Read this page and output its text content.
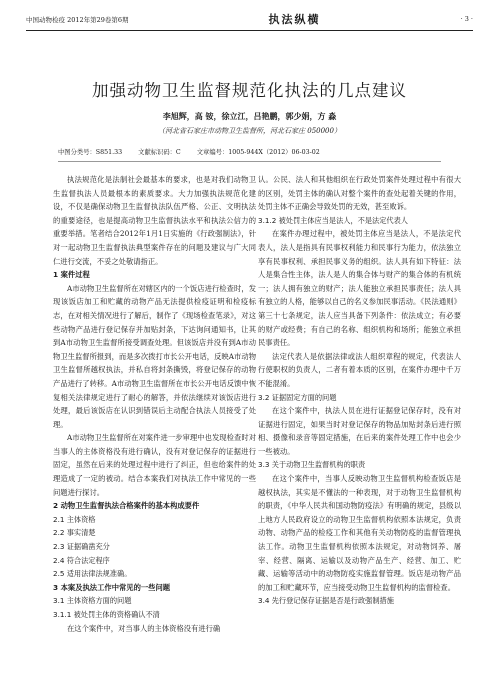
中国动物检疫 2012年第29卷第6期	执法纵横	· 3 ·
加强动物卫生监督规范化执法的几点建议
李旭辉，高 铵，徐立江，吕艳鹏，郭少娟，方 淼
（河北省石家庄市动物卫生监督所，河北石家庄 050000）
中图分类号：S851.33	文献标识码：C	文章编号：1005-944X（2012）06-03-02

执法规范化是法制社会最基本的要求，也是对我们动物卫生监督执法人员最根本的素质要求。大力加强执法规范化建设，不仅是确保动物卫生监督执法队伍严格、公正、文明执法的重要途径，也是提高动物卫生监督执法水平和执法公信力的重要举措。笔者结合2012年1月1日实施的《行政强制法》，针对一起动物卫生监督执法典型案件存在的问题及建议与广大同仁进行交流，不妥之处敬请指正。

1 案件过程

A市动物卫生监督所在对辖区内的一个饭店进行检查时，发现该饭店加工和贮藏的动物产品无法提供检疫证明和检疫标志，在对相关情况进行了解后，制作了《现场检查笔录》，对这些动物产品进行登记保存并加贴封条，下达询问通知书，让其到A市动物卫生监督所接受调查处理。但该饭店并没有到A市动物卫生监督所报到，而是多次拨打市长公开电话，反映A市动物卫生监督所越权执法，并私自将封条撕毁，将登记保存的动物产品进行了转移。A市动物卫生监督所在市长公开电话反馈中恢复相关法律规定进行了耐心的解答，并依法继续对该饭店进行处理，最后该饭店在认识到错误后主动配合执法人员接受了处理。

A市动物卫生监督所在对案件进一步审理中也发现检查时对当事人的主体资格没有进行确认，没有对登记保存的证据进行固定，虽然在后来的处理过程中进行了纠正，但也给案件的处理造成了一定的被动。结合本案我们对执法工作中常见的一些问题进行探讨。

2 动物卫生监督执法合格案件的基本构成要件
2.1 主体资格
2.2 事实清楚
2.3 证据确凿充分
2.4 符合法定程序
2.5 适用法律法规准确。
3 本案及执法工作中常见的一些问题
3.1 主体资格方面的问题
3.1.1 被处罚主体的资格确认不清

在这个案件中，对当事人的主体资格没有进行确

认。公民、法人和其他组织在行政处罚案件处理过程中有很大的区别，处罚主体的确认对整个案件的查处起着关键的作用，处罚主体不正确会导致处罚的无效，甚至败诉。

3.1.2 被处罚主体应当是法人，不是法定代表人

在案件办理过程中，被处罚主体应当是法人，不是法定代表人，法人是指具有民事权利能力和民事行为能力，依法独立享有民事权利、承担民事义务的组织。法人具有如下特征：法人是集合性主体，法人是人的集合体与财产的集合体的有机统一；法人拥有独立的财产；法人能独立承担民事责任；法人具有独立的人格，能够以自己的名义参加民事活动。《民法通则》第三十七条规定，法人应当具备下列条件：依法成立；有必要的财产或经费；有自己的名称、组织机构和场所；能独立承担民事责任。

法定代表人是依据法律或法人组织章程的规定，代表法人行使职权的负责人，二者有着本质的区别，在案件办理中千万不能混淆。

3.2 证据固定方面的问题

在这个案件中，执法人员在进行证据登记保存时，没有对证据进行固定，如果当时对登记保存的物品加贴封条后进行照相、摄像和录音等固定措施，在后来的案件处理工作中也会少一些被动。

3.3 关于动物卫生监督机构的职责

在这个案件中，当事人反映动物卫生监督机构检查饭店是越权执法，其实是不懂法的一种表现，对于动物卫生监督机构的职责，《中华人民共和国动物防疫法》有明确的规定，县级以上地方人民政府设立的动物卫生监督机构依照本法规定，负责动物、动物产品的检疫工作和其他有关动物防疫的监督管理执法工作。动物卫生监督机构依照本法规定，对动物饲养、屠宰、经营、隔离、运输以及动物产品生产、经营、加工、贮藏、运输等活动中的动物防疫实施监督管理。饭店是动物产品的加工和贮藏环节，应当接受动物卫生监督机构的监督检查。

3.4 先行登记保存证据是否是行政强制措施
